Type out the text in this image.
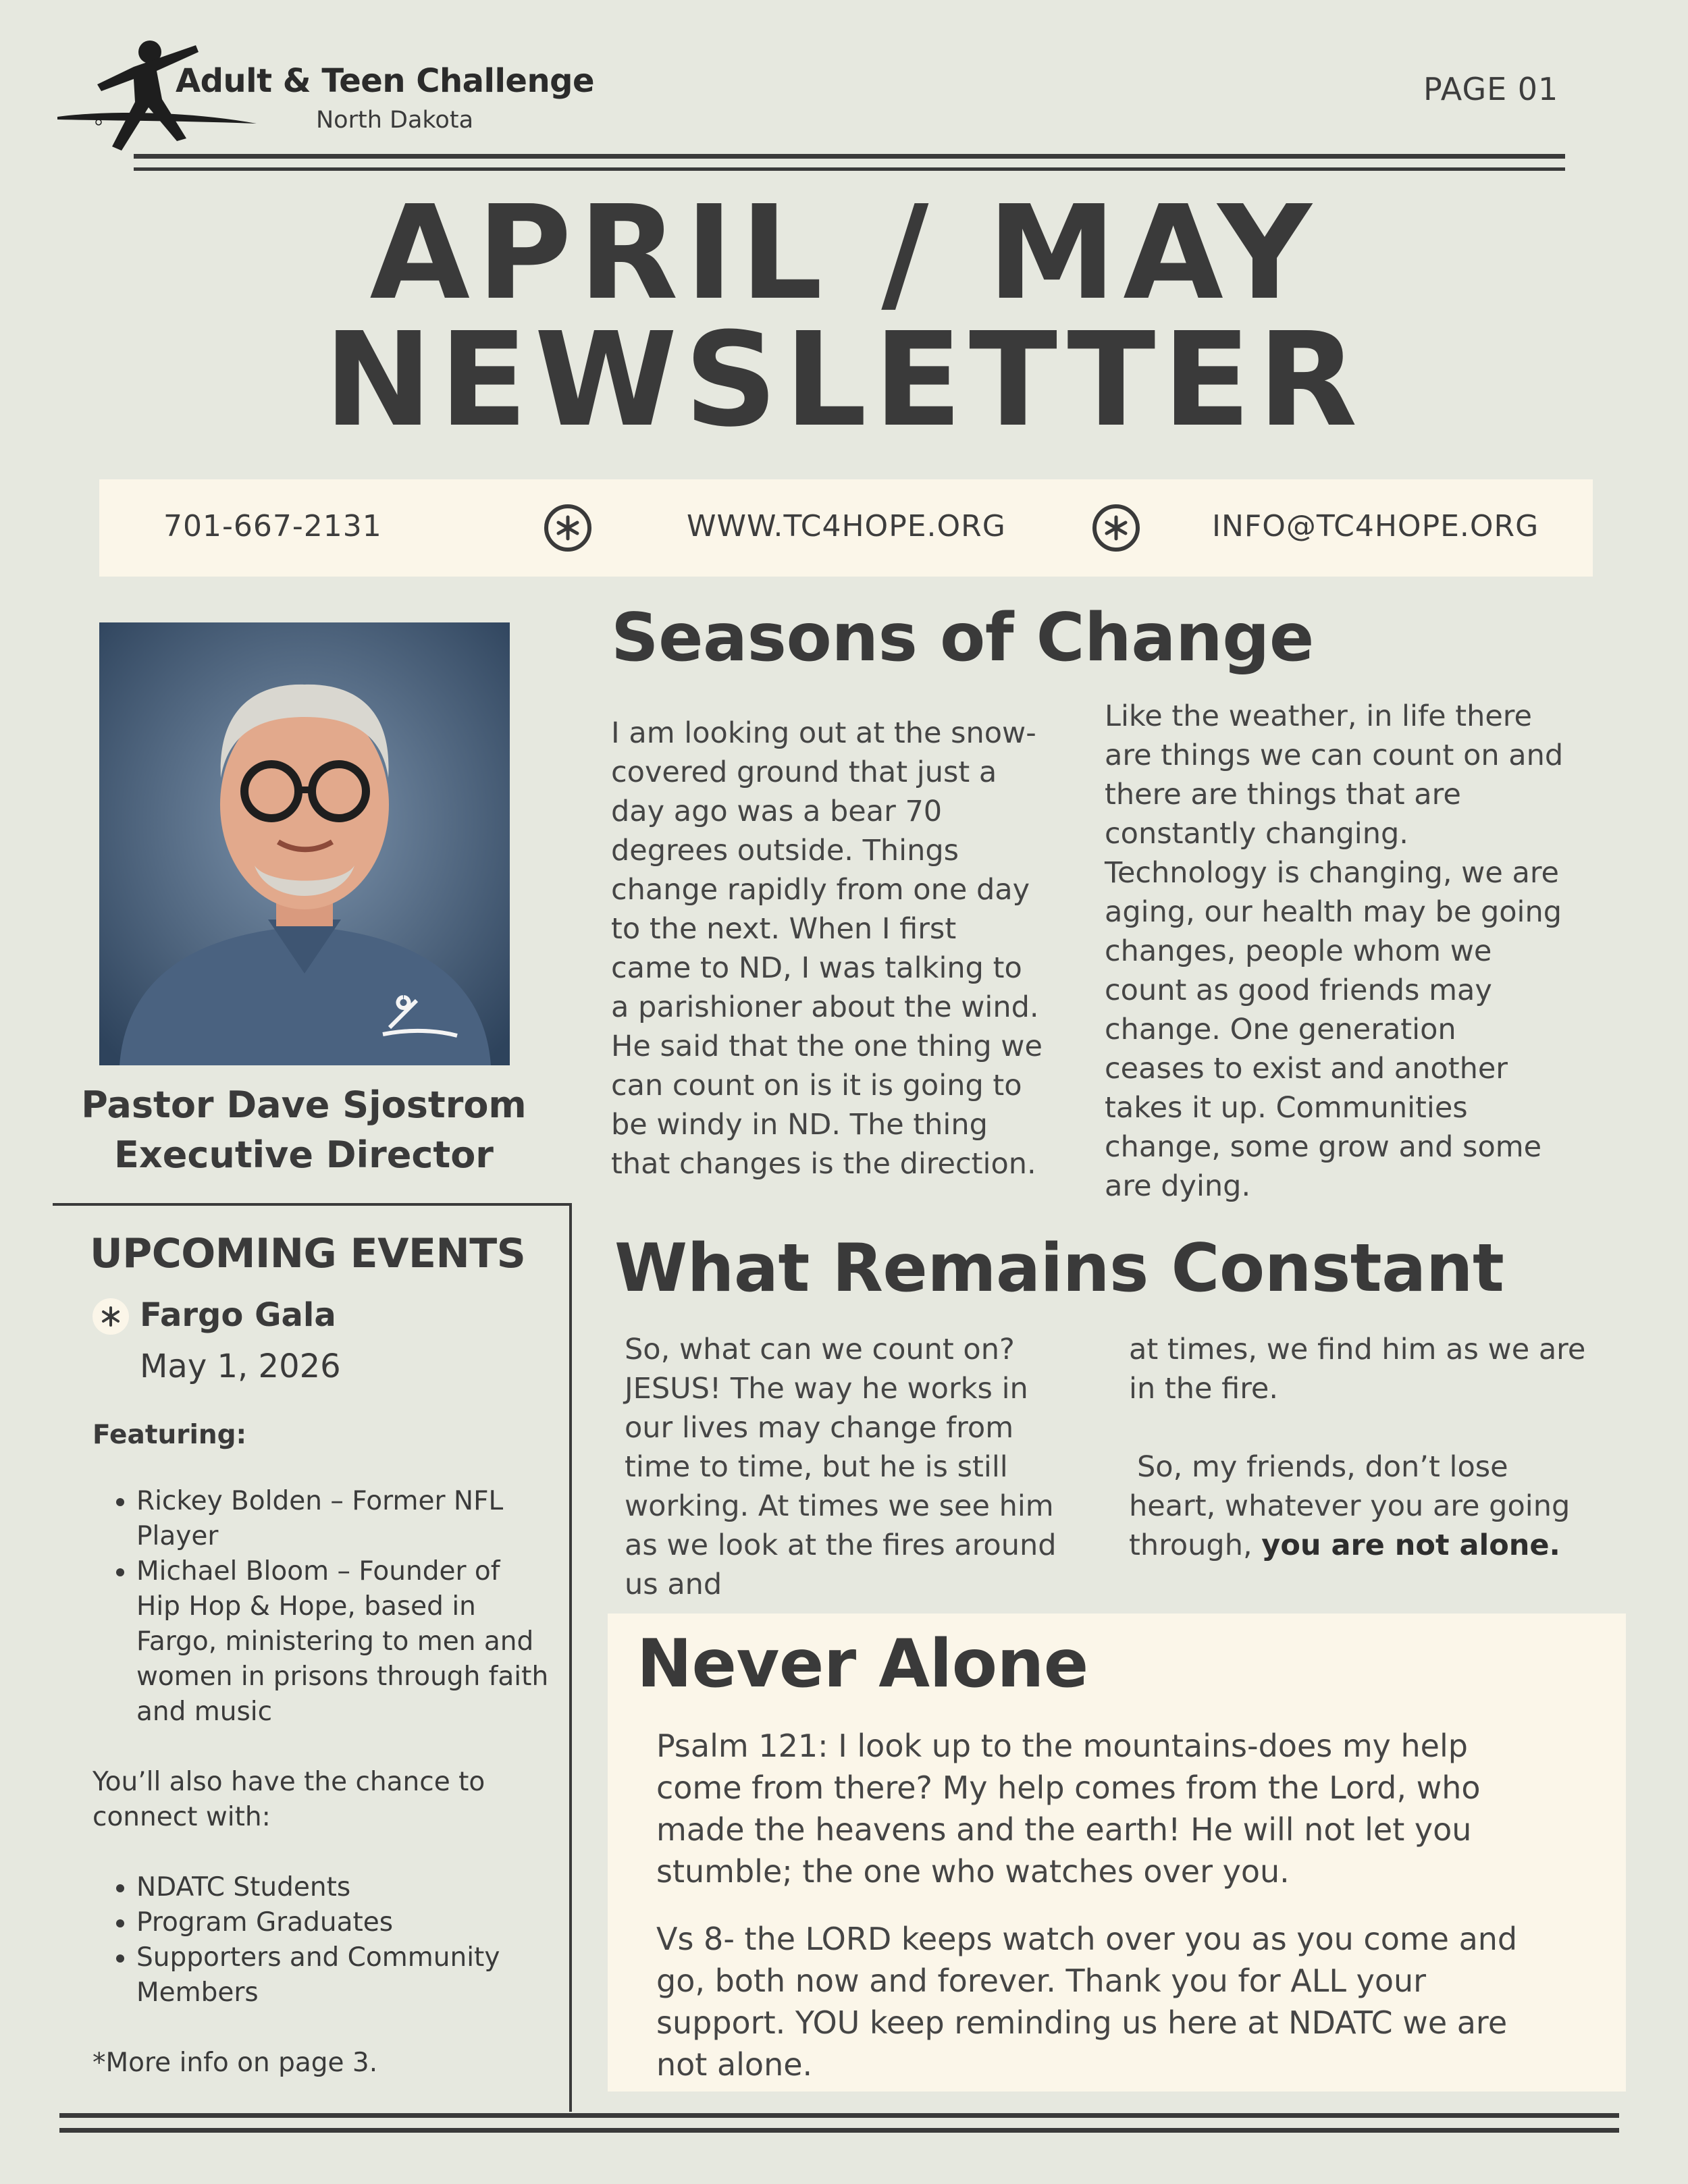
Adult & Teen Challenge
North Dakota
PAGE 01
APRIL / MAY
NEWSLETTER
701-667-2131	WWW.TC4HOPE.ORG	INFO@TC4HOPE.ORG
Pastor Dave Sjostrom
Executive Director
UPCOMING EVENTS
Fargo Gala
May 1, 2026
Featuring:
• Rickey Bolden – Former NFL Player
• Michael Bloom – Founder of Hip Hop & Hope, based in Fargo, ministering to men and women in prisons through faith and music
You’ll also have the chance to connect with:
• NDATC Students
• Program Graduates
• Supporters and Community Members
*More info on page 3.
Seasons of Change
I am looking out at the snow-covered ground that just a day ago was a bear 70 degrees outside. Things change rapidly from one day to the next. When I first came to ND, I was talking to a parishioner about the wind. He said that the one thing we can count on is it is going to be windy in ND. The thing that changes is the direction.
Like the weather, in life there are things we can count on and there are things that are constantly changing. Technology is changing, we are aging, our health may be going changes, people whom we count as good friends may change. One generation ceases to exist and another takes it up. Communities change, some grow and some are dying.
What Remains Constant
So, what can we count on? JESUS! The way he works in our lives may change from time to time, but he is still working. At times we see him as we look at the fires around us and
at times, we find him as we are in the fire.
So, my friends, don’t lose heart, whatever you are going through, you are not alone.
Never Alone
Psalm 121: I look up to the mountains-does my help come from there? My help comes from the Lord, who made the heavens and the earth! He will not let you stumble; the one who watches over you.
Vs 8- the LORD keeps watch over you as you come and go, both now and forever. Thank you for ALL your support. YOU keep reminding us here at NDATC we are not alone.
